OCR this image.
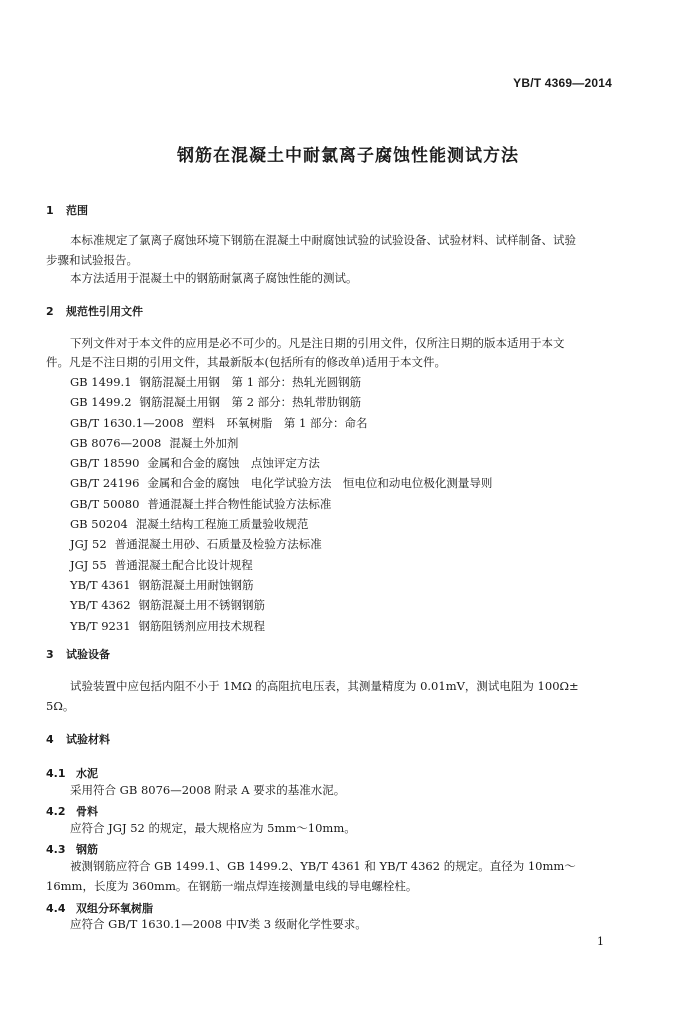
YB/T 4369—2014
钢筋在混凝土中耐氯离子腐蚀性能测试方法
1 范围
本标准规定了氯离子腐蚀环境下钢筋在混凝土中耐腐蚀试验的试验设备、试验材料、试样制备、试验
步骤和试验报告。
本方法适用于混凝土中的钢筋耐氯离子腐蚀性能的测试。
2 规范性引用文件
下列文件对于本文件的应用是必不可少的。凡是注日期的引用文件，仅所注日期的版本适用于本文
件。凡是不注日期的引用文件，其最新版本(包括所有的修改单)适用于本文件。
GB 1499.1 钢筋混凝土用钢　第 1 部分：热轧光圆钢筋
GB 1499.2 钢筋混凝土用钢　第 2 部分：热轧带肋钢筋
GB/T 1630.1—2008 塑料　环氧树脂　第 1 部分：命名
GB 8076—2008 混凝土外加剂
GB/T 18590 金属和合金的腐蚀　点蚀评定方法
GB/T 24196 金属和合金的腐蚀　电化学试验方法　恒电位和动电位极化测量导则
GB/T 50080 普通混凝土拌合物性能试验方法标准
GB 50204 混凝土结构工程施工质量验收规范
JGJ 52 普通混凝土用砂、石质量及检验方法标准
JGJ 55 普通混凝土配合比设计规程
YB/T 4361 钢筋混凝土用耐蚀钢筋
YB/T 4362 钢筋混凝土用不锈钢钢筋
YB/T 9231 钢筋阻锈剂应用技术规程
3 试验设备
试验装置中应包括内阻不小于 1MΩ 的高阻抗电压表，其测量精度为 0.01mV，测试电阻为 100Ω±
5Ω。
4 试验材料
4.1 水泥
采用符合 GB 8076—2008 附录 A 要求的基准水泥。
4.2 骨料
应符合 JGJ 52 的规定，最大规格应为 5mm～10mm。
4.3 钢筋
被测钢筋应符合 GB 1499.1、GB 1499.2、YB/T 4361 和 YB/T 4362 的规定。直径为 10mm～
16mm，长度为 360mm。在钢筋一端点焊连接测量电线的导电螺栓柱。
4.4 双组分环氧树脂
应符合 GB/T 1630.1—2008 中Ⅳ类 3 级耐化学性要求。
1
